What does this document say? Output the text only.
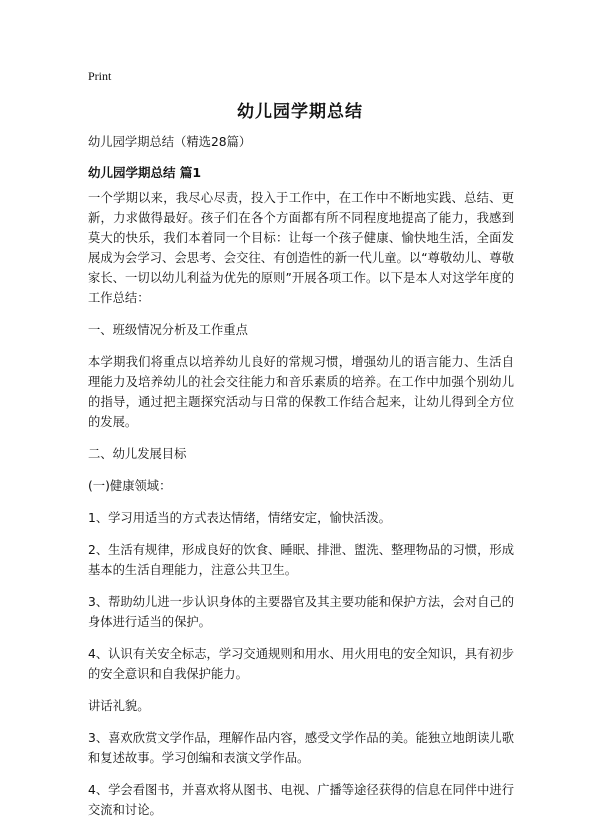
Print
幼儿园学期总结

幼儿园学期总结（精选28篇）

幼儿园学期总结 篇1

一个学期以来，我尽心尽责，投入于工作中，在工作中不断地实践、总结、更新，力求做得最好。孩子们在各个方面都有所不同程度地提高了能力，我感到莫大的快乐，我们本着同一个目标：让每一个孩子健康、愉快地生活，全面发展成为会学习、会思考、会交往、有创造性的新一代儿童。以“尊敬幼儿、尊敬家长、一切以幼儿利益为优先的原则”开展各项工作。以下是本人对这学年度的工作总结：

一、班级情况分析及工作重点

本学期我们将重点以培养幼儿良好的常规习惯，增强幼儿的语言能力、生活自理能力及培养幼儿的社会交往能力和音乐素质的培养。在工作中加强个别幼儿的指导，通过把主题探究活动与日常的保教工作结合起来，让幼儿得到全方位的发展。

二、幼儿发展目标

(一)健康领域：

1、学习用适当的方式表达情绪，情绪安定，愉快活泼。

2、生活有规律，形成良好的饮食、睡眠、排泄、盥洗、整理物品的习惯，形成基本的生活自理能力，注意公共卫生。

3、帮助幼儿进一步认识身体的主要器官及其主要功能和保护方法，会对自己的身体进行适当的保护。

4、认识有关安全标志，学习交通规则和用水、用火用电的安全知识，具有初步的安全意识和自我保护能力。

讲话礼貌。

3、喜欢欣赏文学作品，理解作品内容，感受文学作品的美。能独立地朗读儿歌和复述故事。学习创编和表演文学作品。

4、学会看图书，并喜欢将从图书、电视、广播等途径获得的信息在同伴中进行交流和讨论。
